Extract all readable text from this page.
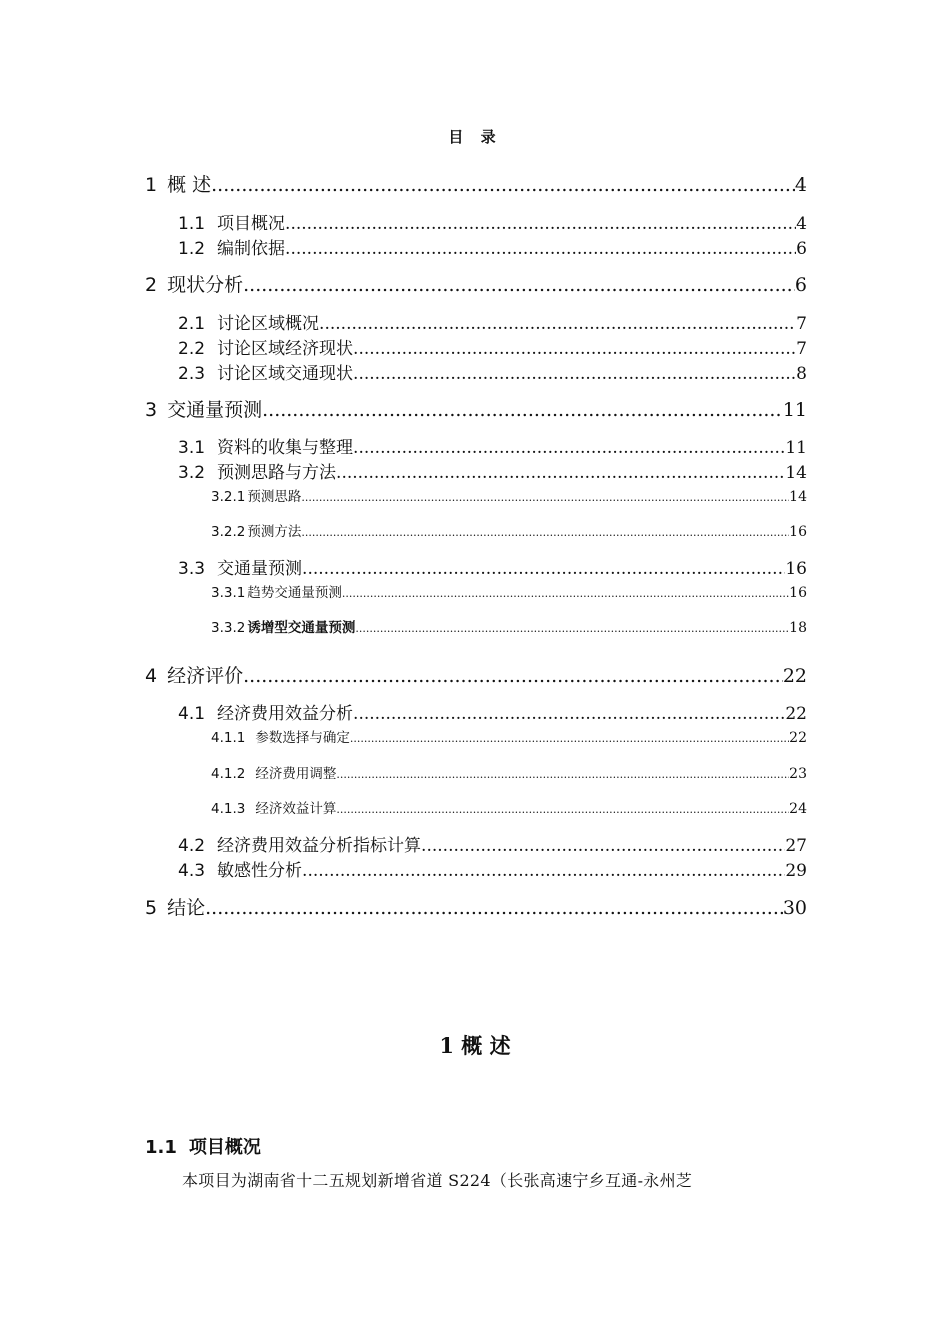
目 录
1 概 述 .....	4
1.1 项目概况 .....	4
1.2 编制依据 .....	6
2 现状分析 .....	6
2.1 讨论区域概况 .....	7
2.2 讨论区域经济现状 .....	7
2.3 讨论区域交通现状 .....	8
3 交通量预测 .....	11
3.1 资料的收集与整理 .....	11
3.2 预测思路与方法 .....	14
3.2.1 预测思路 .....	14
3.2.2 预测方法 .....	16
3.3 交通量预测 .....	16
3.3.1 趋势交通量预测 .....	16
3.3.2 诱增型交通量预测 .....	18
4 经济评价 .....	22
4.1 经济费用效益分析 .....	22
4.1.1 参数选择与确定 .....	22
4.1.2 经济费用调整 .....	23
4.1.3 经济效益计算 .....	24
4.2 经济费用效益分析指标计算 .....	27
4.3 敏感性分析 .....	29
5 结论 .....	30
1 概 述
1.1 项目概况
本项目为湖南省十二五规划新增省道 S224（长张高速宁乡互通-永州芝
